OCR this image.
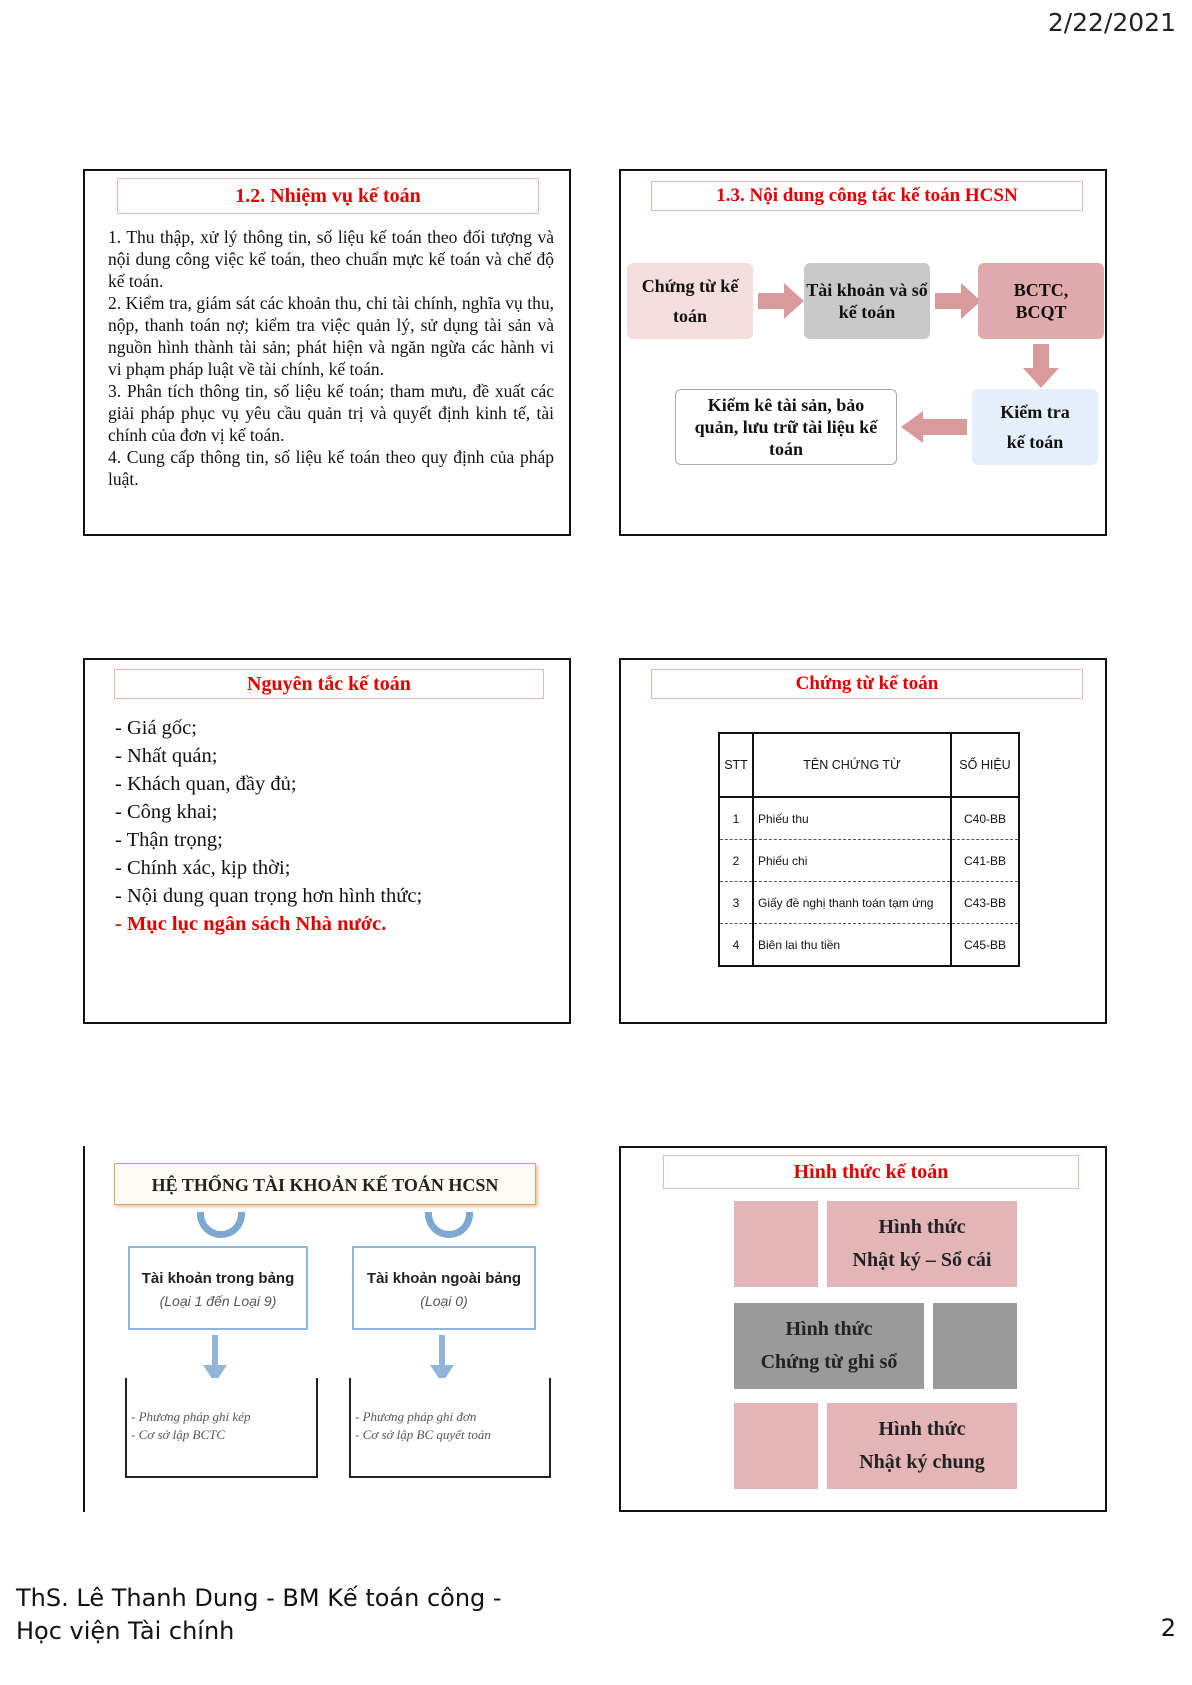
2/22/2021
1.2. Nhiệm vụ kế toán

1. Thu thập, xử lý thông tin, số liệu kế toán theo đối tượng và nội dung công việc kế toán, theo chuẩn mực kế toán và chế độ kế toán.

2. Kiểm tra, giám sát các khoản thu, chi tài chính, nghĩa vụ thu, nộp, thanh toán nợ; kiểm tra việc quản lý, sử dụng tài sản và nguồn hình thành tài sản; phát hiện và ngăn ngừa các hành vi vi phạm pháp luật về tài chính, kế toán.

3. Phân tích thông tin, số liệu kế toán; tham mưu, đề xuất các giải pháp phục vụ yêu cầu quản trị và quyết định kinh tế, tài chính của đơn vị kế toán.

4. Cung cấp thông tin, số liệu kế toán theo quy định của pháp luật.

1.3. Nội dung công tác kế toán HCSN
Chứng từ kế toán
Tài khoản và sổ kế toán
BCTC, BCQT
Kiểm tra kế toán
Kiểm kê tài sản, bảo quản, lưu trữ tài liệu kế toán
Nguyên tắc kế toán
- Giá gốc;
- Nhất quán;
- Khách quan, đầy đủ;
- Công khai;
- Thận trọng;
- Chính xác, kịp thời;
- Nội dung quan trọng hơn hình thức;
- Mục lục ngân sách Nhà nước.
Chứng từ kế toán
STT	TÊN CHỨNG TỪ	SỐ HIỆU
1	Phiếu thu	C40-BB
2	Phiếu chi	C41-BB
3	Giấy đề nghị thanh toán tạm ứng	C43-BB
4	Biên lai thu tiền	C45-BB
HỆ THỐNG TÀI KHOẢN KẾ TOÁN HCSN
Tài khoản trong bảng
(Loại 1 đến Loại 9)
Tài khoản ngoài bảng
(Loại 0)
- Phương pháp ghi kép
- Cơ sở lập BCTC
- Phương pháp ghi đơn
- Cơ sở lập BC quyết toán
Hình thức kế toán
Hình thức
Nhật ký – Sổ cái
Hình thức
Chứng từ ghi sổ
Hình thức
Nhật ký chung
ThS. Lê Thanh Dung - BM Kế toán công -
Học viện Tài chính	2
